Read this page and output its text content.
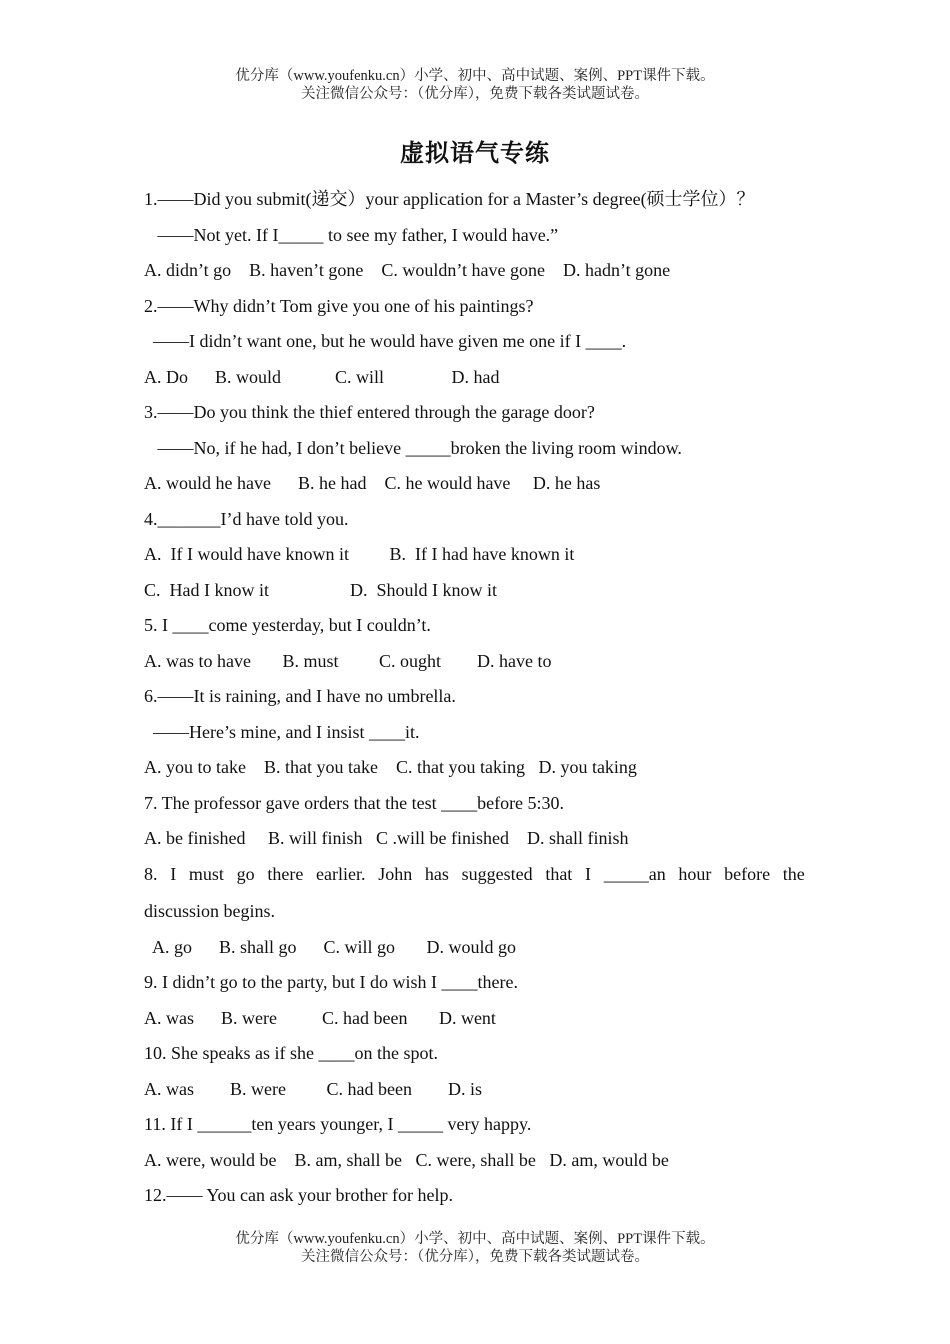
优分库（www.youfenku.cn）小学、初中、高中试题、案例、PPT课件下载。
关注微信公众号：（优分库），免费下载各类试题试卷。
虚拟语气专练
1.——Did you submit(递交）your application for a Master’s degree(硕士学位）？
——Not yet. If I_____ to see my father, I would have.”
A. didn’t go    B. haven’t gone    C. wouldn’t have gone    D. hadn’t gone
2.——Why didn’t Tom give you one of his paintings?
——I didn’t want one, but he would have given me one if I ____.
A. Do      B. would            C. will               D. had
3.——Do you think the thief entered through the garage door?
——No, if he had, I don’t believe _____broken the living room window.
A. would he have      B. he had    C. he would have     D. he has
4._______I’d have told you.
A.  If I would have known it         B.  If I had have known it
C.  Had I know it                  D.  Should I know it
5. I ____come yesterday, but I couldn’t.
A. was to have       B. must         C. ought        D. have to
6.——It is raining, and I have no umbrella.
——Here’s mine, and I insist ____it.
A. you to take    B. that you take    C. that you taking   D. you taking
7. The professor gave orders that the test ____before 5:30.
A. be finished     B. will finish   C .will be finished    D. shall finish
8. I must go there earlier. John has suggested that I _____an hour before the
discussion begins.
A. go      B. shall go      C. will go       D. would go
9. I didn’t go to the party, but I do wish I ____there.
A. was      B. were          C. had been       D. went
10. She speaks as if she ____on the spot.
A. was        B. were         C. had been        D. is
11. If I ______ten years younger, I _____ very happy.
A. were, would be    B. am, shall be   C. were, shall be   D. am, would be
12.—— You can ask your brother for help.
优分库（www.youfenku.cn）小学、初中、高中试题、案例、PPT课件下载。
关注微信公众号：（优分库），免费下载各类试题试卷。
